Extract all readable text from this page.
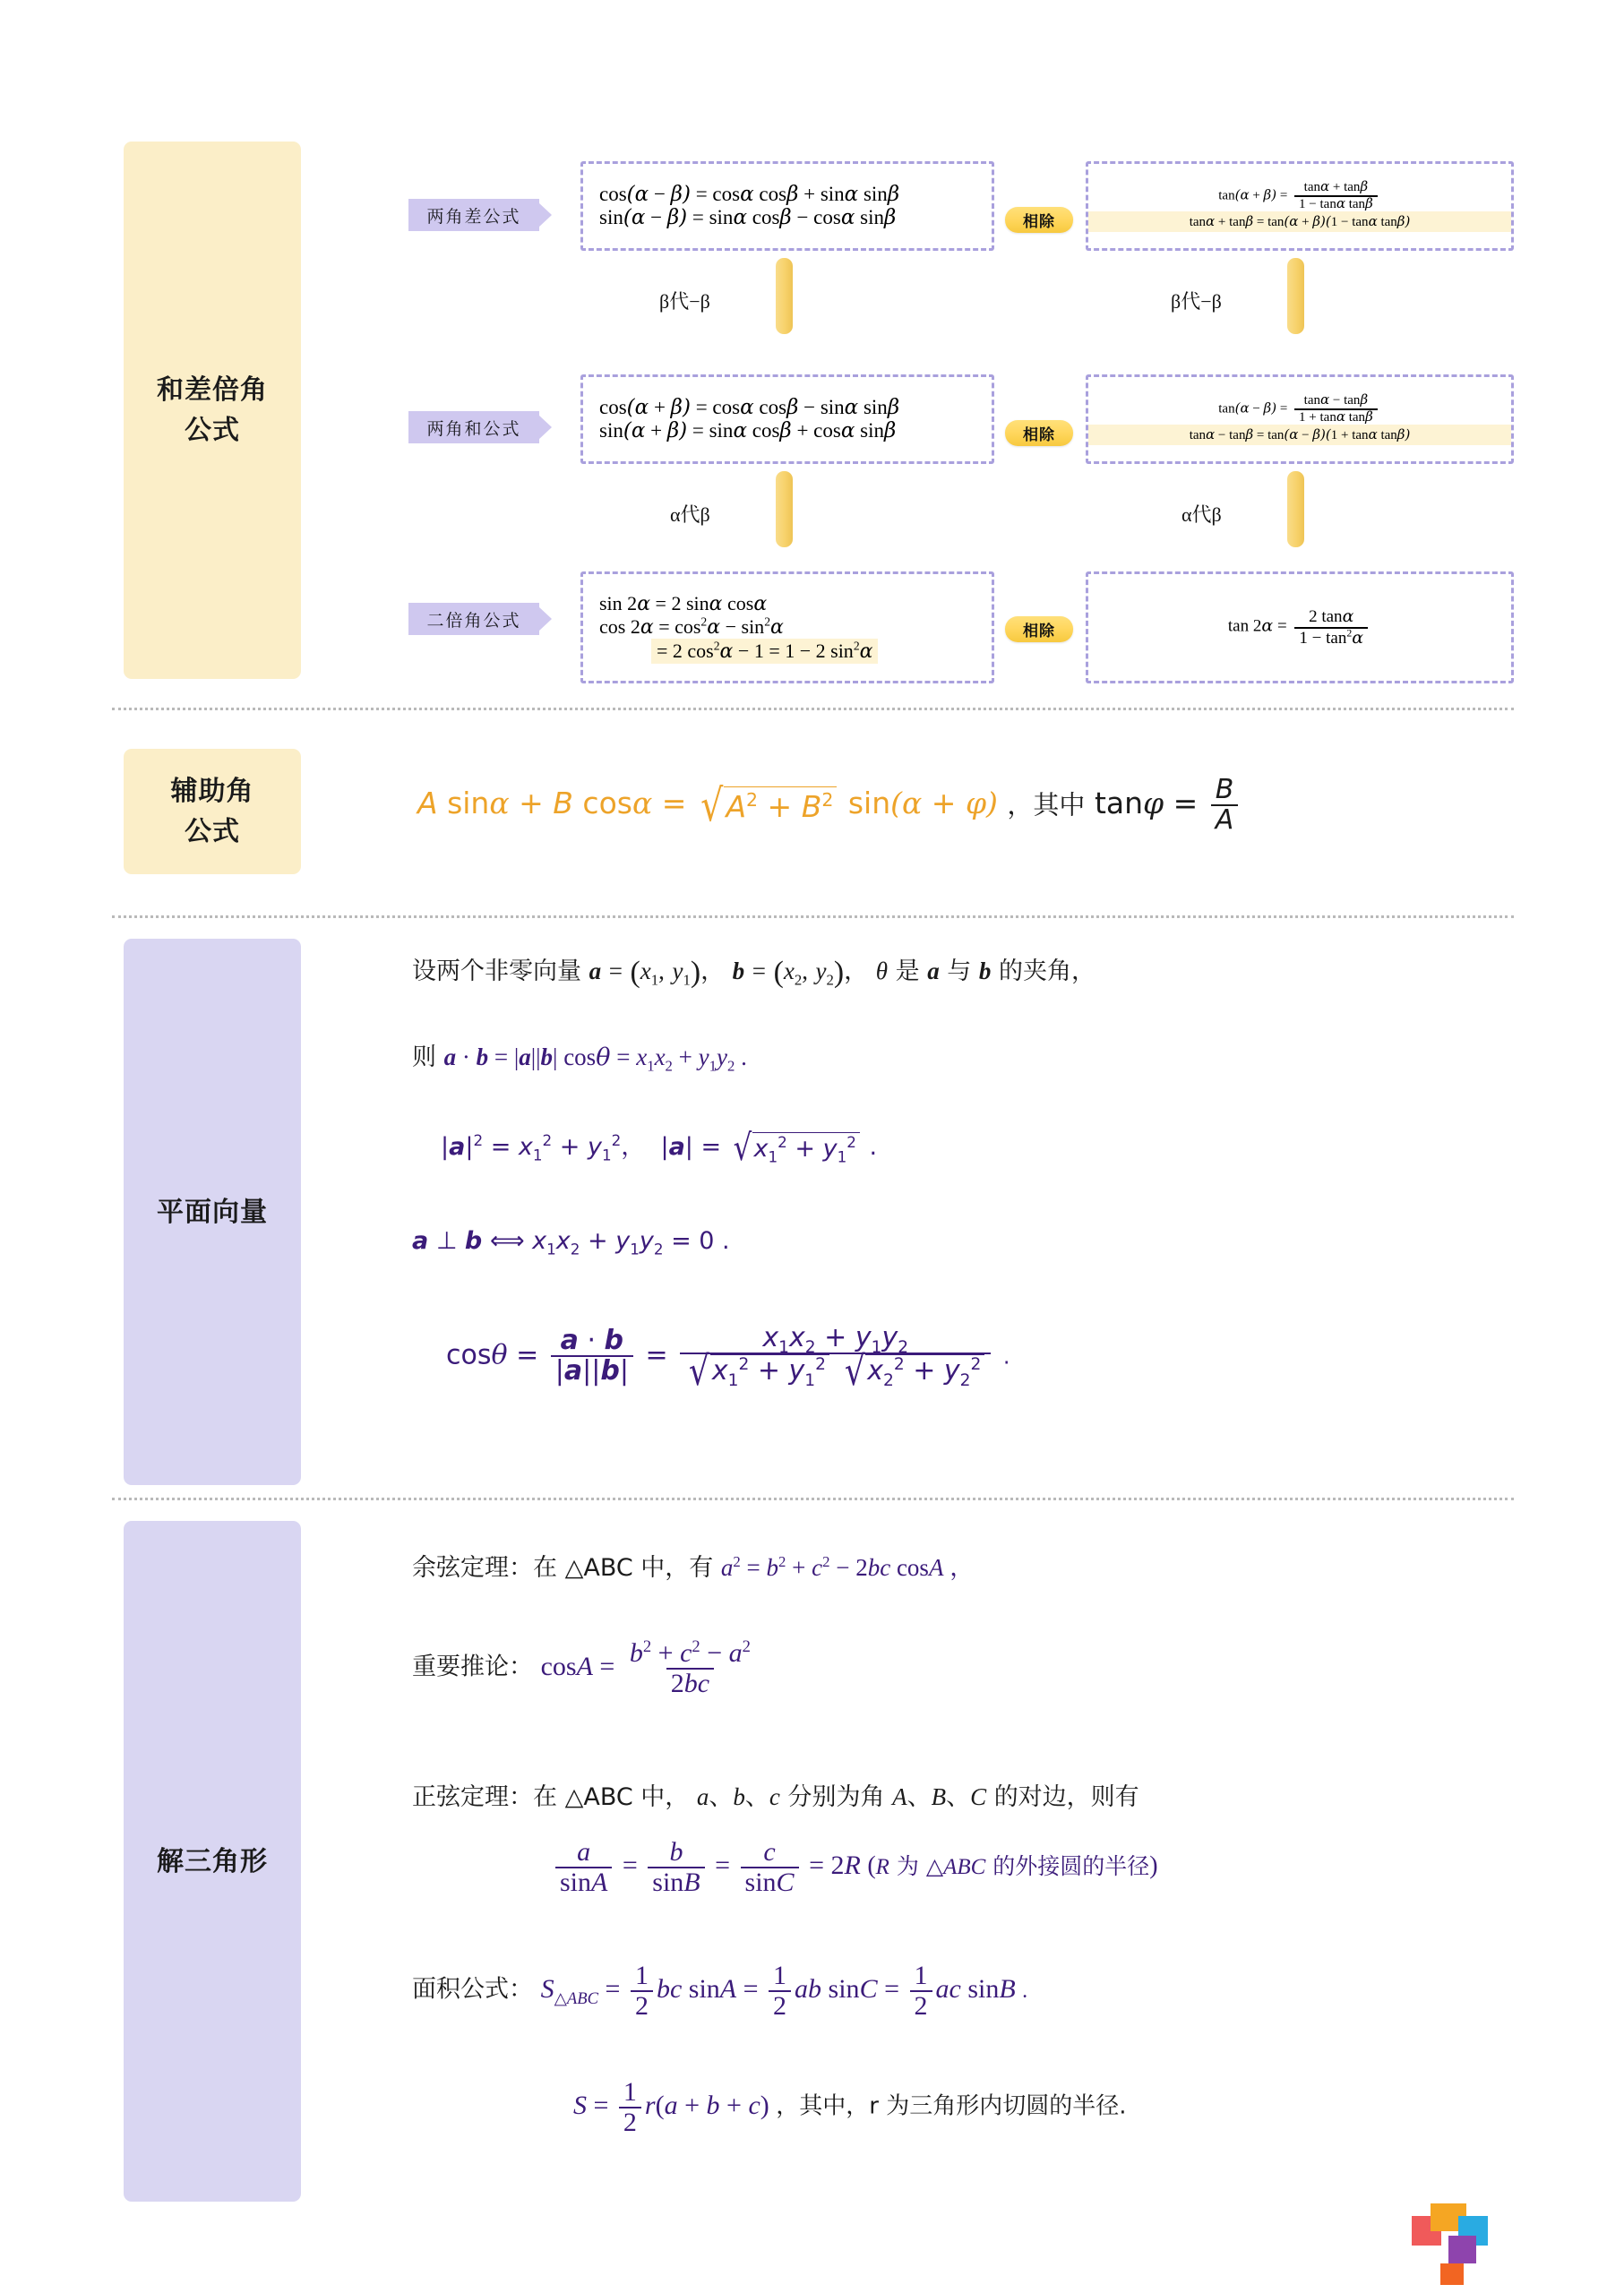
和差倍角
公式
两角差公式
cos(α − β) = cosα cosβ + sinα sinβ
sin(α − β) = sinα cosβ − cosα sinβ	相除
$\tan(\alpha + \beta) = \frac{\tan\alpha + \tan\beta}{\text{1 − tanα tanβ}}$
tanα + tanβ = tan(α + β)(1 − tanα tanβ)
β代−β	β代−β
两角和公式
cos(α + β) = cosα cosβ − sinα sinβ
sin(α + β) = sinα cosβ + cosα sinβ	相除
$\tan(\alpha - \beta) = \frac{\tan\alpha - \tan\beta}{\text{1 + tanα tanβ}}$
tanα − tanβ = tan(α − β)(1 + tanα tanβ)
α代β	α代β
二倍角公式
sin 2α = 2 sinα cosα
$\cos 2\alpha = \cos^2\alpha - \sin^2\alpha$
= 2 $\cos^2\alpha - 1 = 1 - 2$ $\sin^2\alpha$
相除	$\tan 2\alpha = \frac{2 \tan\alpha}{1 - \tan^2\alpha}$
辅助角
公式
A sinα + B cosα = √ $A^2 + B^2$ sin(α + φ) ，其中 $\tan\varphi = \frac{B}{A}$
平面向量
设两个非零向量 $a = (x_1$, $y_1$)， $b = (x_2$, $y_2$)， θ 是 a 与 b 的夹角，
则 a · b = |a||b| $\cos\theta = x_1x_2 + y_1y_2$ .
$|a|^2 = x_1^2 + y_1^2$，  |a| = √ $x_1^2 + y_1^2$ .
a ⊥ b ⟺ $x_1x_2 + y_1y_2 = 0$ .
$\cos\theta = \frac{a \cdot b}{|a||b|} = x_1x_2 + y_1y_2$
√ $x_1^2 + y_1^2$
√ $x_2^2 + y_2^2$ .
解三角形
余弦定理：在 △ABC 中，有 $a^2 = b^2 + c^2 - 2bc$ cosA ，
重要推论： $\cos A = \frac{b^2 + c^2 - a^2}{2bc}$
正弦定理：在 △ABC 中， a、b、c 分别为角 A、B、C 的对边，则有
$\frac{a}{\sin A} = \frac{b}{\sin B} = \frac{c}{\sin C} = 2R$ (R 为 △ABC 的外接圆的半径)
面积公式： $S_{\triangle ABC} = \frac{1}{2}$ bc $\sin A = \frac{1}{2}$ ab $\sin C = \frac{1}{2}$ ac sinB .
$S = \frac{1}{2} r(a + b + c)$ ，其中，r 为三角形内切圆的半径.
